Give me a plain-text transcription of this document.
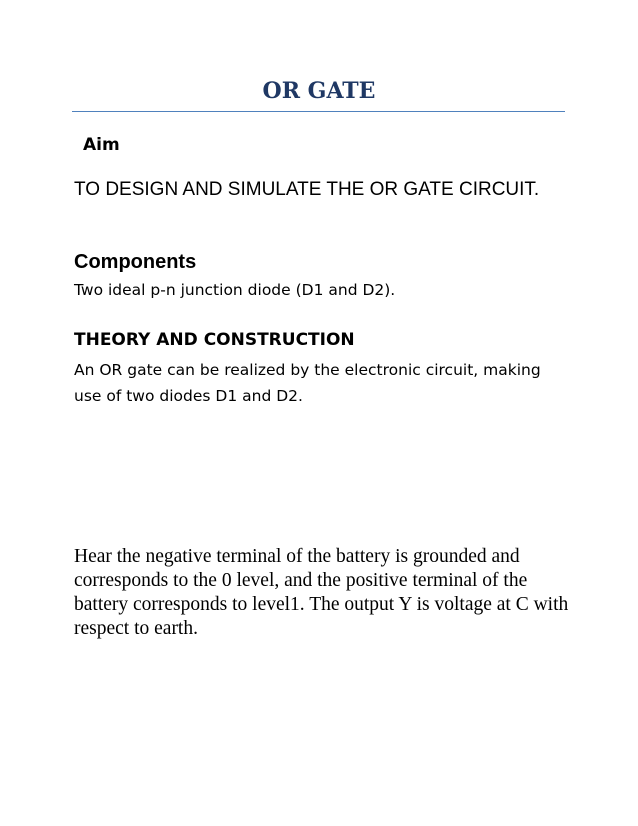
OR GATE
Aim

TO DESIGN AND SIMULATE THE OR GATE CIRCUIT.

Components

Two ideal p-n junction diode (D1 and D2).

THEORY AND CONSTRUCTION

An OR gate can be realized by the electronic circuit, making use of two diodes D1 and D2.

Hear the negative terminal of the battery is grounded and corresponds to the 0 level, and the positive terminal of the battery corresponds to level1. The output Y is voltage at C with respect to earth.
